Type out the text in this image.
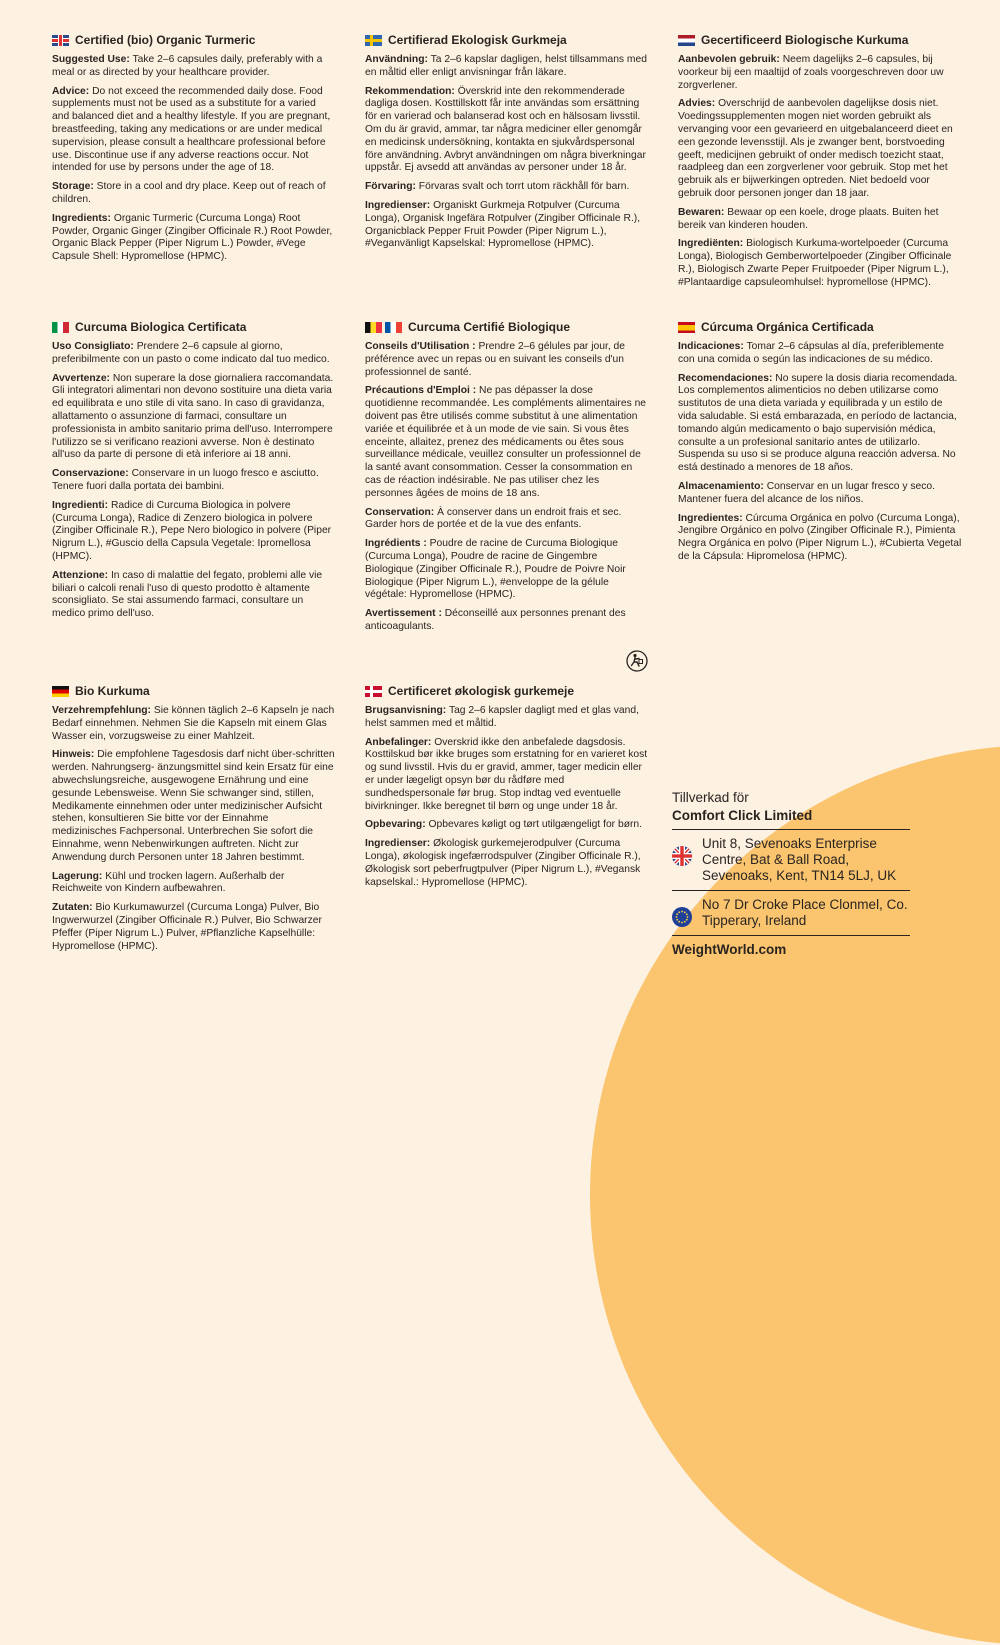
Certified (bio) Organic Turmeric

Suggested Use: Take 2–6 capsules daily, preferably with a meal or as directed by your healthcare provider.

Advice: Do not exceed the recommended daily dose. Food supplements must not be used as a substitute for a varied and balanced diet and a healthy lifestyle. If you are pregnant, breastfeeding, taking any medications or are under medical supervision, please consult a healthcare professional before use. Discontinue use if any adverse reactions occur. Not intended for use by persons under the age of 18.

Storage: Store in a cool and dry place. Keep out of reach of children.

Ingredients: Organic Turmeric (Curcuma Longa) Root Powder, Organic Ginger (Zingiber Officinale R.) Root Powder, Organic Black Pepper (Piper Nigrum L.) Powder, #Vege Capsule Shell: Hypromellose (HPMC).

Certifierad Ekologisk Gurkmeja

Användning: Ta 2–6 kapslar dagligen, helst tillsammans med en måltid eller enligt anvisningar från läkare.

Rekommendation: Överskrid inte den rekommenderade dagliga dosen. Kosttillskott får inte användas som ersättning för en varierad och balanserad kost och en hälsosam livsstil. Om du är gravid, ammar, tar några mediciner eller genomgår en medicinsk undersökning, kontakta en sjukvårdspersonal före användning. Avbryt användningen om några biverkningar uppstår. Ej avsedd att användas av personer under 18 år.

Förvaring: Förvaras svalt och torrt utom räckhåll för barn.

Ingredienser: Organiskt Gurkmeja Rotpulver (Curcuma Longa), Organisk Ingefära Rotpulver (Zingiber Officinale R.), Organicblack Pepper Fruit Powder (Piper Nigrum L.), #Veganvänligt Kapselskal: Hypromellose (HPMC).

Gecertificeerd Biologische Kurkuma

Aanbevolen gebruik: Neem dagelijks 2–6 capsules, bij voorkeur bij een maaltijd of zoals voorgeschreven door uw zorgverlener.

Advies: Overschrijd de aanbevolen dagelijkse dosis niet. Voedingssupplementen mogen niet worden gebruikt als vervanging voor een gevarieerd en uitgebalanceerd dieet en een gezonde levensstijl. Als je zwanger bent, borstvoeding geeft, medicijnen gebruikt of onder medisch toezicht staat, raadpleeg dan een zorgverlener voor gebruik. Stop met het gebruik als er bijwerkingen optreden. Niet bedoeld voor gebruik door personen jonger dan 18 jaar.

Bewaren: Bewaar op een koele, droge plaats. Buiten het bereik van kinderen houden.

Ingrediënten: Biologisch Kurkuma-wortelpoeder (Curcuma Longa), Biologisch Gemberwortelpoeder (Zingiber Officinale R.), Biologisch Zwarte Peper Fruitpoeder (Piper Nigrum L.), #Plantaardige capsuleomhulsel: hypromellose (HPMC).

Curcuma Biologica Certificata

Uso Consigliato: Prendere 2–6 capsule al giorno, preferibilmente con un pasto o come indicato dal tuo medico.

Avvertenze: Non superare la dose giornaliera raccomandata. Gli integratori alimentari non devono sostituire una dieta varia ed equilibrata e uno stile di vita sano. In caso di gravidanza, allattamento o assunzione di farmaci, consultare un professionista in ambito sanitario prima dell'uso. Interrompere l'utilizzo se si verificano reazioni avverse. Non è destinato all'uso da parte di persone di età inferiore ai 18 anni.

Conservazione: Conservare in un luogo fresco e asciutto. Tenere fuori dalla portata dei bambini.

Ingredienti: Radice di Curcuma Biologica in polvere (Curcuma Longa), Radice di Zenzero biologica in polvere (Zingiber Officinale R.), Pepe Nero biologico in polvere (Piper Nigrum L.), #Guscio della Capsula Vegetale: Ipromellosa (HPMC).

Attenzione: In caso di malattie del fegato, problemi alle vie biliari o calcoli renali l'uso di questo prodotto è altamente sconsigliato. Se stai assumendo farmaci, consultare un medico primo dell'uso.

Curcuma Certifié Biologique

Conseils d'Utilisation : Prendre 2–6 gélules par jour, de préférence avec un repas ou en suivant les conseils d'un professionnel de santé.

Précautions d'Emploi : Ne pas dépasser la dose quotidienne recommandée. Les compléments alimentaires ne doivent pas être utilisés comme substitut à une alimentation variée et équilibrée et à un mode de vie sain. Si vous êtes enceinte, allaitez, prenez des médicaments ou êtes sous surveillance médicale, veuillez consulter un professionnel de la santé avant consommation. Cesser la consommation en cas de réaction indésirable. Ne pas utiliser chez les personnes âgées de moins de 18 ans.

Conservation: À conserver dans un endroit frais et sec. Garder hors de portée et de la vue des enfants.

Ingrédients : Poudre de racine de Curcuma Biologique (Curcuma Longa), Poudre de racine de Gingembre Biologique (Zingiber Officinale R.), Poudre de Poivre Noir Biologique (Piper Nigrum L.), #enveloppe de la gélule végétale: Hypromellose (HPMC).

Avertissement : Déconseillé aux personnes prenant des anticoagulants.

Cúrcuma Orgánica Certificada

Indicaciones: Tomar 2–6 cápsulas al día, preferiblemente con una comida o según las indicaciones de su médico.

Recomendaciones: No supere la dosis diaria recomendada. Los complementos alimenticios no deben utilizarse como sustitutos de una dieta variada y equilibrada y un estilo de vida saludable. Si está embarazada, en período de lactancia, tomando algún medicamento o bajo supervisión médica, consulte a un profesional sanitario antes de utilizarlo. Suspenda su uso si se produce alguna reacción adversa. No está destinado a menores de 18 años.

Almacenamiento: Conservar en un lugar fresco y seco. Mantener fuera del alcance de los niños.

Ingredientes: Cúrcuma Orgánica en polvo (Curcuma Longa), Jengibre Orgánico en polvo (Zingiber Officinale R.), Pimienta Negra Orgánica en polvo (Piper Nigrum L.), #Cubierta Vegetal de la Cápsula: Hipromelosa (HPMC).

Bio Kurkuma

Verzehrempfehlung: Sie können täglich 2–6 Kapseln je nach Bedarf einnehmen. Nehmen Sie die Kapseln mit einem Glas Wasser ein, vorzugsweise zu einer Mahlzeit.

Hinweis: Die empfohlene Tagesdosis darf nicht über-schritten werden. Nahrungserg- änzungsmittel sind kein Ersatz für eine abwechslungsreiche, ausgewogene Ernährung und eine gesunde Lebensweise. Wenn Sie schwanger sind, stillen, Medikamente einnehmen oder unter medizinischer Aufsicht stehen, konsultieren Sie bitte vor der Einnahme medizinisches Fachpersonal. Unterbrechen Sie sofort die Einnahme, wenn Nebenwirkungen auftreten. Nicht zur Anwendung durch Personen unter 18 Jahren bestimmt.

Lagerung: Kühl und trocken lagern. Außerhalb der Reichweite von Kindern aufbewahren.

Zutaten: Bio Kurkumawurzel (Curcuma Longa) Pulver, Bio Ingwerwurzel (Zingiber Officinale R.) Pulver, Bio Schwarzer Pfeffer (Piper Nigrum L.) Pulver, #Pflanzliche Kapselhülle: Hypromellose (HPMC).

Certificeret økologisk gurkemeje

Brugsanvisning: Tag 2–6 kapsler dagligt med et glas vand, helst sammen med et måltid.

Anbefalinger: Overskrid ikke den anbefalede dagsdosis. Kosttilskud bør ikke bruges som erstatning for en varieret kost og sund livsstil. Hvis du er gravid, ammer, tager medicin eller er under lægeligt opsyn bør du rådføre med sundhedspersonale før brug. Stop indtag ved eventuelle bivirkninger. Ikke beregnet til børn og unge under 18 år.

Opbevaring: Opbevares køligt og tørt utilgængeligt for børn.

Ingredienser: Økologisk gurkemejerodpulver (Curcuma Longa), økologisk ingefærrodspulver (Zingiber Officinale R.), Økologisk sort peberfrugtpulver (Piper Nigrum L.), #Vegansk kapselskal.: Hypromellose (HPMC).

Tillverkad för
Comfort Click Limited
Unit 8, Sevenoaks Enterprise Centre, Bat & Ball Road, Sevenoaks, Kent, TN14 5LJ, UK
No 7 Dr Croke Place Clonmel, Co. Tipperary, Ireland
WeightWorld.com
